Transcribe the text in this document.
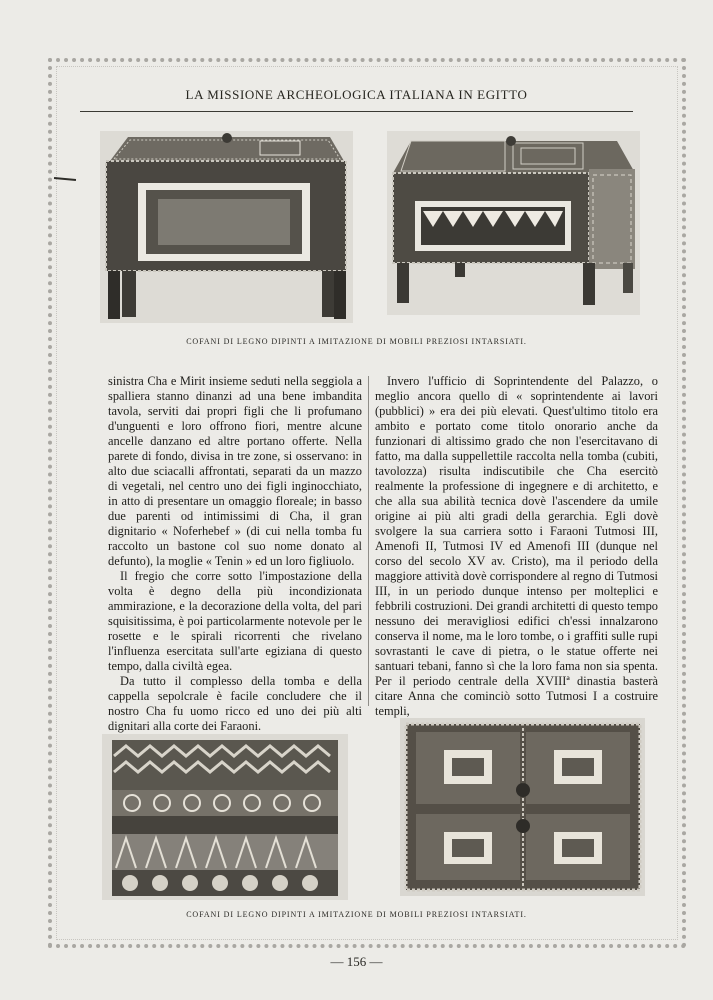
LA MISSIONE ARCHEOLOGICA ITALIANA IN EGITTO
COFANI DI LEGNO DIPINTI A IMITAZIONE DI MOBILI PREZIOSI INTARSIATI.

sinistra Cha e Mirit insieme seduti nella seggiola a spalliera stanno dinanzi ad una bene imbandita tavola, serviti dai propri figli che li profumano d'unguenti e loro offrono fiori, mentre alcune ancelle danzano ed altre portano offerte. Nella parete di fondo, divisa in tre zone, si osservano: in alto due sciacalli affrontati, separati da un mazzo di vegetali, nel centro uno dei figli inginocchiato, in atto di presentare un omaggio floreale; in basso due parenti od intimissimi di Cha, il gran dignitario « Noferhebef » (di cui nella tomba fu raccolto un bastone col suo nome donato al defunto), la moglie « Tenin » ed un loro figliuolo.

Il fregio che corre sotto l'impostazione della volta è degno della più incondizionata ammirazione, e la decorazione della volta, del pari squisitissima, è poi particolarmente notevole per le rosette e le spirali ricorrenti che rivelano l'influenza esercitata sull'arte egiziana di questo tempo, dalla civiltà egea.

Da tutto il complesso della tomba e della cappella sepolcrale è facile concludere che il nostro Cha fu uomo ricco ed uno dei più alti dignitari alla corte dei Faraoni.

Invero l'ufficio di Soprintendente del Palazzo, o meglio ancora quello di « soprintendente ai lavori (pubblici) » era dei più elevati. Quest'ultimo titolo era ambito e portato come titolo onorario anche da funzionari di altissimo grado che non l'esercitavano di fatto, ma dalla suppellettile raccolta nella tomba (cubiti, tavolozza) risulta indiscutibile che Cha esercitò realmente la professione di ingegnere e di architetto, e che alla sua abilità tecnica dovè l'ascendere da umile origine ai più alti gradi della gerarchia. Egli dovè svolgere la sua carriera sotto i Faraoni Tutmosi III, Amenofi II, Tutmosi IV ed Amenofi III (dunque nel corso del secolo XV av. Cristo), ma il periodo della maggiore attività dovè corrispondere al regno di Tutmosi III, in un periodo dunque intenso per molteplici e febbrili costruzioni. Dei grandi architetti di questo tempo nessuno dei meravigliosi edifici ch'essi innalzarono conserva il nome, ma le loro tombe, o i graffiti sulle rupi sovrastanti le cave di pietra, o le statue offerte nei santuari tebani, fanno sì che la loro fama non sia spenta. Per il periodo centrale della XVIIIª dinastia basterà citare Anna che cominciò sotto Tutmosi I a costruire templi,

COFANI DI LEGNO DIPINTI A IMITAZIONE DI MOBILI PREZIOSI INTARSIATI.
— 156 —
